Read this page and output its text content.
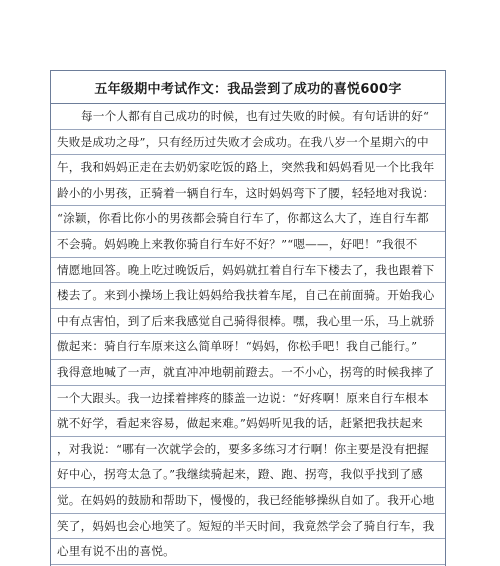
五年级期中考试作文：我品尝到了成功的喜悦600字
每一个人都有自己成功的时候，也有过失败的时候。有句话讲的好“
失败是成功之母”，只有经历过失败才会成功。在我八岁一个星期六的中
午，我和妈妈正走在去奶奶家吃饭的路上，突然我和妈妈看见一个比我年
龄小的小男孩，正骑着一辆自行车，这时妈妈弯下了腰，轻轻地对我说：
“涂颖，你看比你小的男孩都会骑自行车了，你都这么大了，连自行车都
不会骑。妈妈晚上来教你骑自行车好不好？”“嗯——，好吧！”我很不
情愿地回答。晚上吃过晚饭后，妈妈就扛着自行车下楼去了，我也跟着下
楼去了。来到小操场上我让妈妈给我扶着车尾，自己在前面骑。开始我心
中有点害怕，到了后来我感觉自己骑得很棒。嘿，我心里一乐，马上就骄
傲起来：骑自行车原来这么简单呀！“妈妈，你松手吧！我自己能行。”
我得意地喊了一声，就直冲冲地朝前蹬去。一不小心，拐弯的时候我摔了
一个大跟头。我一边揉着摔疼的膝盖一边说：“好疼啊！原来自行车根本
就不好学，看起来容易，做起来难。”妈妈听见我的话，赶紧把我扶起来
，对我说：“哪有一次就学会的，要多多练习才行啊！你主要是没有把握
好中心，拐弯太急了。”我继续骑起来，蹬、跑、拐弯，我似乎找到了感
觉。在妈妈的鼓励和帮助下，慢慢的，我已经能够操纵自如了。我开心地
笑了，妈妈也会心地笑了。短短的半天时间，我竟然学会了骑自行车，我
心里有说不出的喜悦。
